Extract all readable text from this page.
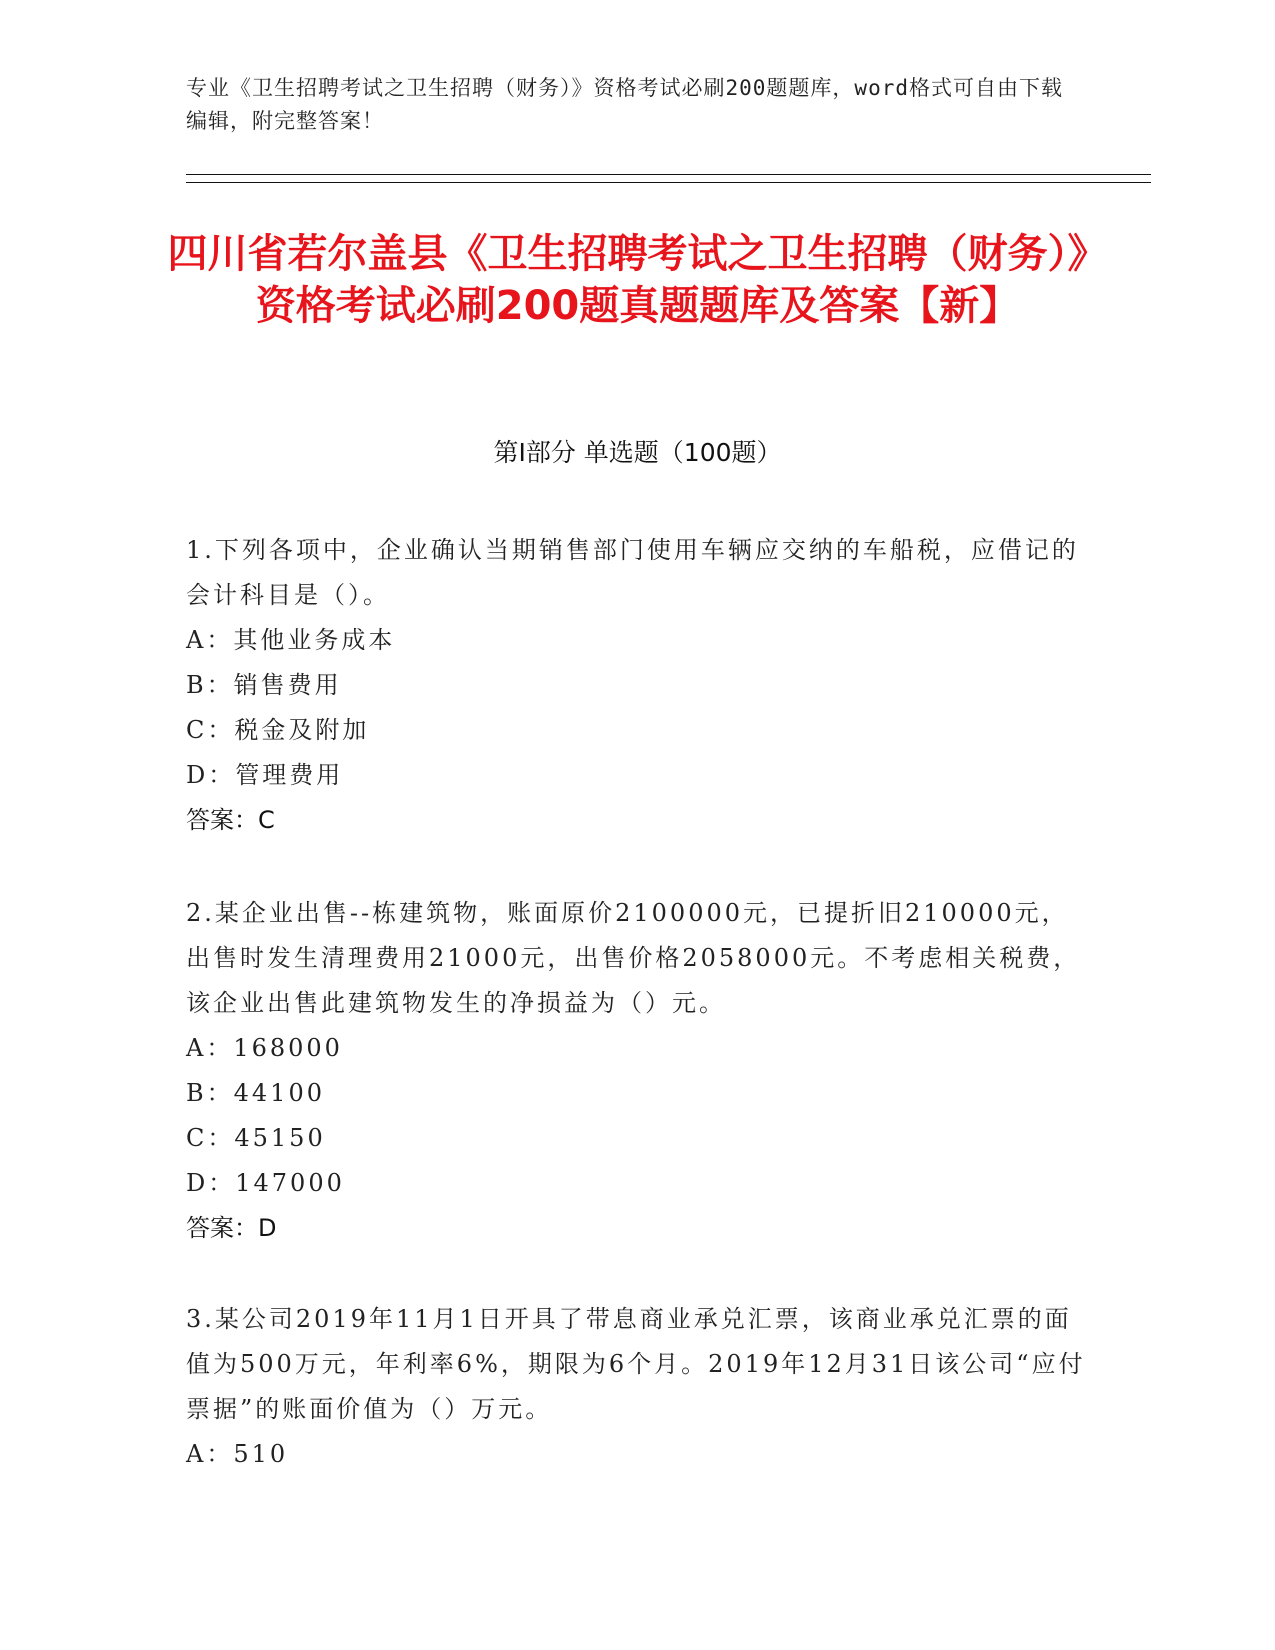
专业《卫生招聘考试之卫生招聘（财务）》资格考试必刷200题题库，word格式可自由下载编辑，附完整答案！
四川省若尔盖县《卫生招聘考试之卫生招聘（财务）》资格考试必刷200题真题题库及答案【新】
第Ⅰ部分 单选题（100题）

1.下列各项中，企业确认当期销售部门使用车辆应交纳的车船税，应借记的会计科目是（）。

A：其他业务成本

B：销售费用

C：税金及附加

D：管理费用

答案：C

2.某企业出售--栋建筑物，账面原价2100000元，已提折旧210000元，出售时发生清理费用21000元，出售价格2058000元。不考虑相关税费，该企业出售此建筑物发生的净损益为（）元。

A：168000

B：44100

C：45150

D：147000

答案：D

3.某公司2019年11月1日开具了带息商业承兑汇票，该商业承兑汇票的面值为500万元，年利率6%，期限为6个月。2019年12月31日该公司“应付票据”的账面价值为（）万元。

A：510
